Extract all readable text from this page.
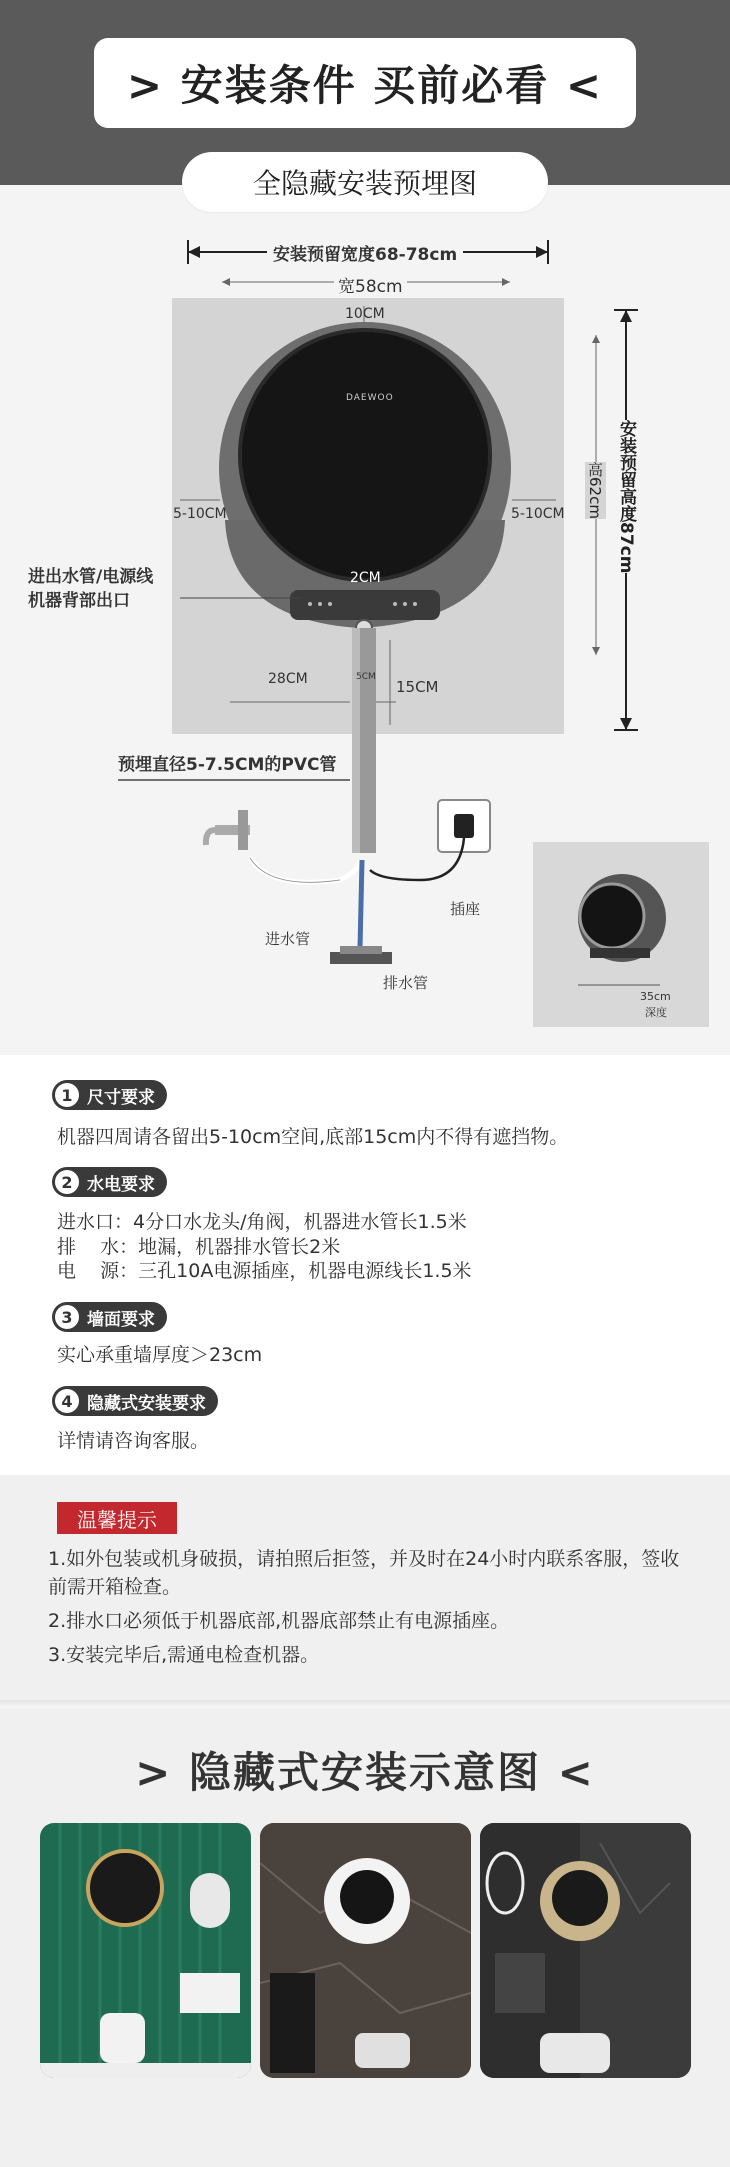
> 安装条件 买前必看 <
全隐藏安装预埋图
安装预留宽度68-78cm
宽58cm
10CM
5-10CM	5-10CM	安装预留高度87cm
高62cm
进出水管/电源线
机器背部出口
2CM
28CM	5CM
15CM
预埋直径5-7.5CM的PVC管
进水管
插座
排水管
DAEWOO
35cm
深度
1 尺寸要求
机器四周请各留出5-10cm空间,底部15cm内不得有遮挡物。
2 水电要求
进水口：4分口水龙头/角阀，机器进水管长1.5米
排    水：地漏，机器排水管长2米
电    源：三孔10A电源插座，机器电源线长1.5米
3 墙面要求
实心承重墙厚度＞23cm
4 隐藏式安装要求
详情请咨询客服。
温馨提示
1.如外包装或机身破损，请拍照后拒签，并及时在24小时内联系客服，签收前需开箱检查。
2.排水口必须低于机器底部,机器底部禁止有电源插座。
3.安装完毕后,需通电检查机器。
> 隐藏式安装示意图 <
